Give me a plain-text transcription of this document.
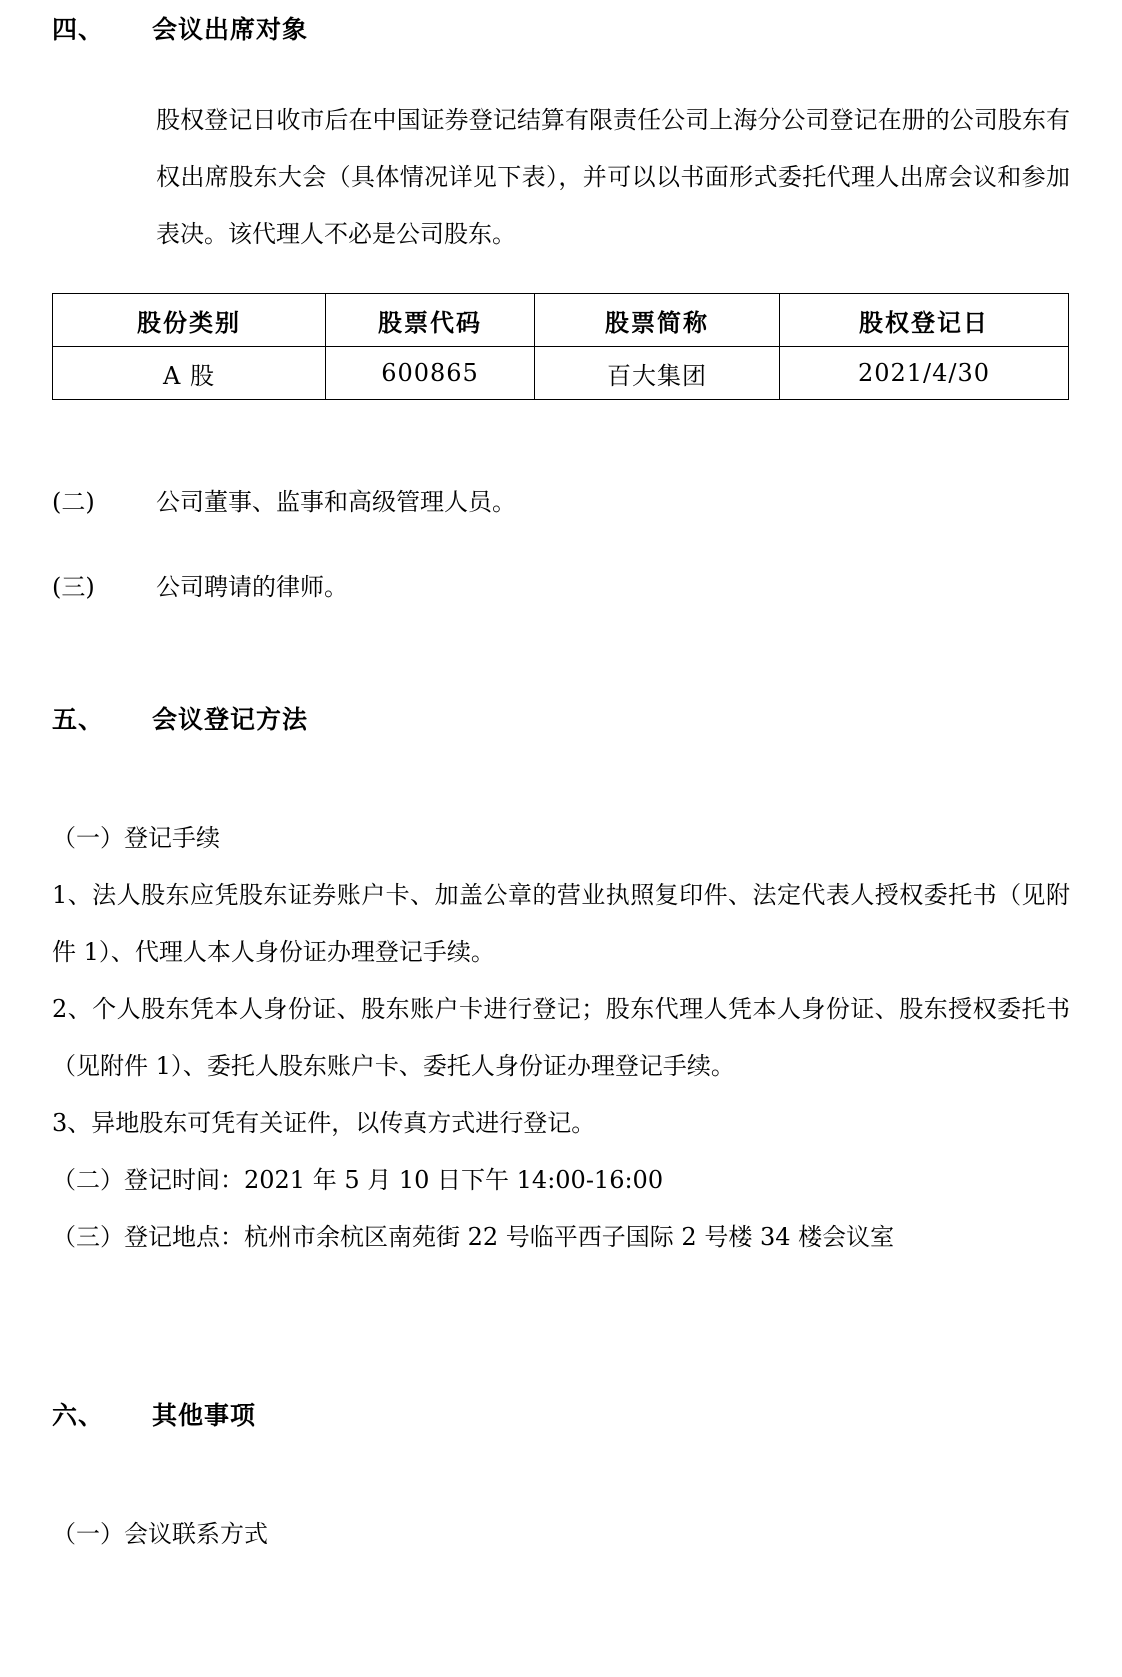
四、 会议出席对象

股权登记日收市后在中国证券登记结算有限责任公司上海分公司登记在册的公司股东有权出席股东大会（具体情况详见下表），并可以以书面形式委托代理人出席会议和参加表决。该代理人不必是公司股东。

股份类别	股票代码	股票简称	股权登记日
A 股	600865	百大集团	2021/4/30

(二)	公司董事、监事和高级管理人员。

(三)	公司聘请的律师。

五、 会议登记方法

（一）登记手续

1、法人股东应凭股东证券账户卡、加盖公章的营业执照复印件、法定代表人授权委托书（见附件 1）、代理人本人身份证办理登记手续。

2、个人股东凭本人身份证、股东账户卡进行登记；股东代理人凭本人身份证、股东授权委托书（见附件 1）、委托人股东账户卡、委托人身份证办理登记手续。

3、异地股东可凭有关证件，以传真方式进行登记。

（二）登记时间：2021 年 5 月 10 日下午 14:00-16:00

（三）登记地点：杭州市余杭区南苑街 22 号临平西子国际 2 号楼 34 楼会议室

六、 其他事项

（一）会议联系方式
